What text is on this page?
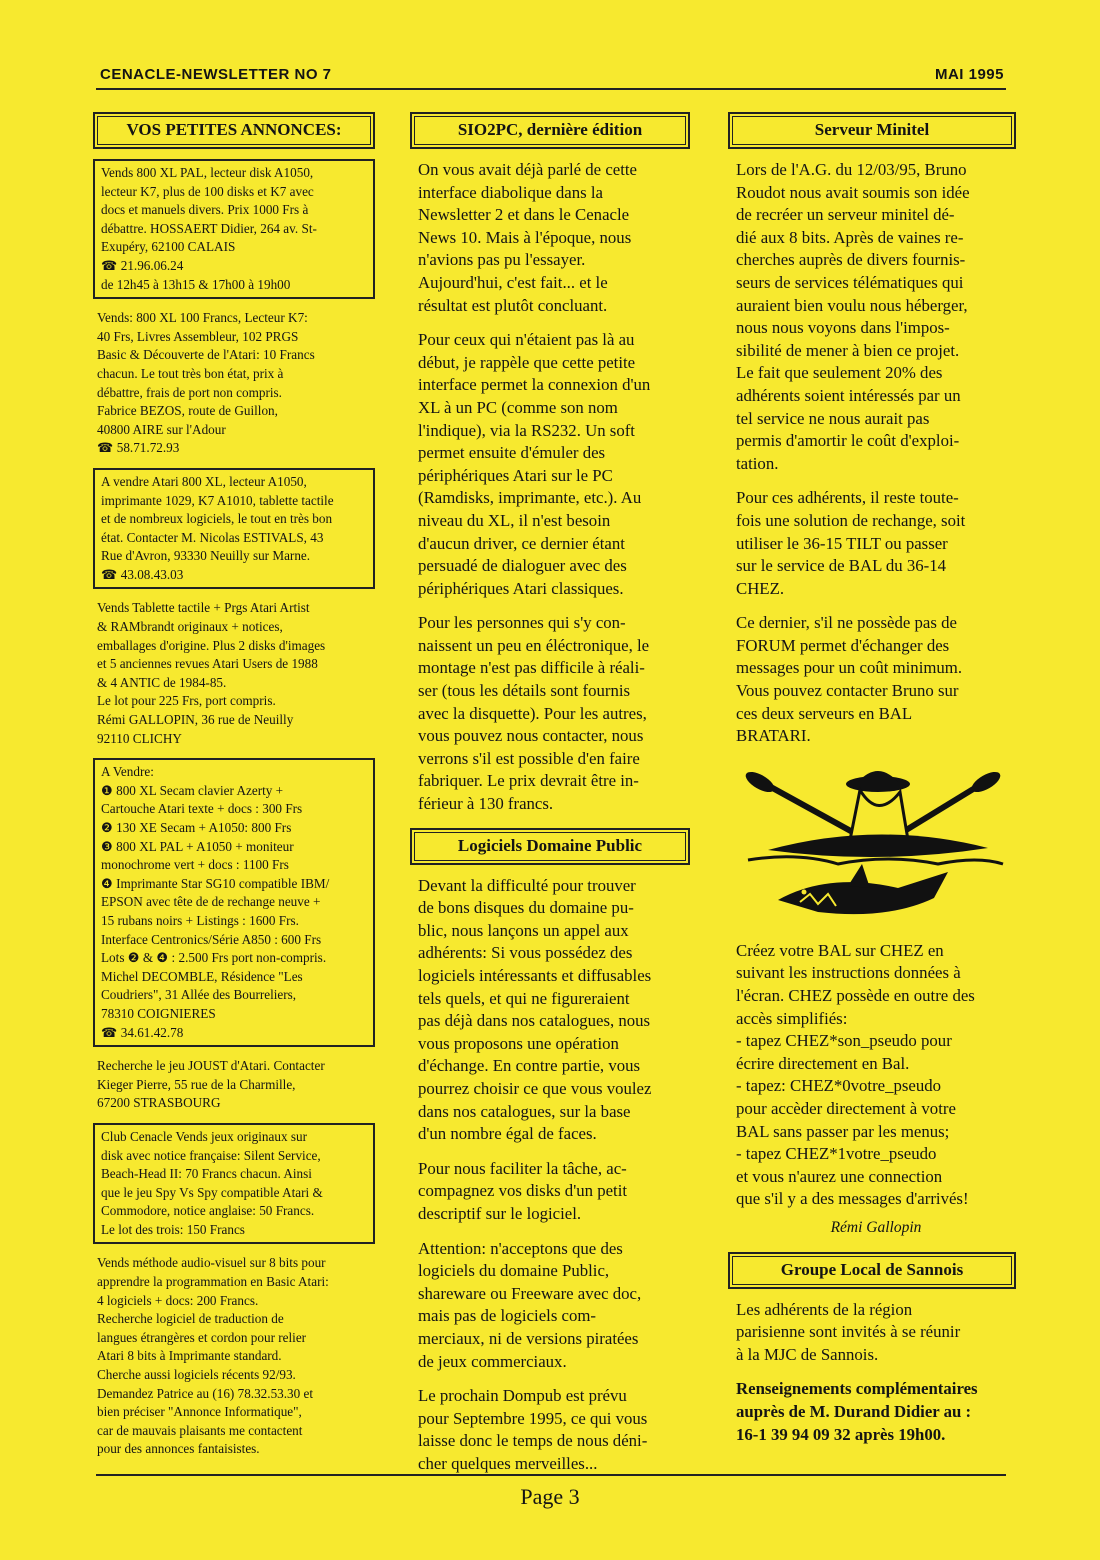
CENACLE-NEWSLETTER NO 7	MAI 1995
VOS PETITES ANNONCES:
Vends 800 XL PAL, lecteur disk A1050,
lecteur K7, plus de 100 disks et K7 avec
docs et manuels divers. Prix 1000 Frs à
débattre. HOSSAERT Didier, 264 av. St-
Exupéry, 62100 CALAIS
☎ 21.96.06.24
de 12h45 à 13h15 & 17h00 à 19h00
Vends: 800 XL 100 Francs, Lecteur K7:
40 Frs, Livres Assembleur, 102 PRGS
Basic & Découverte de l'Atari: 10 Francs
chacun. Le tout très bon état, prix à
débattre, frais de port non compris.
Fabrice BEZOS, route de Guillon,
40800 AIRE sur l'Adour
☎ 58.71.72.93
A vendre Atari 800 XL, lecteur A1050,
imprimante 1029, K7 A1010, tablette tactile
et de nombreux logiciels, le tout en très bon
état. Contacter M. Nicolas ESTIVALS, 43
Rue d'Avron, 93330 Neuilly sur Marne.
☎ 43.08.43.03
Vends Tablette tactile + Prgs Atari Artist
& RAMbrandt originaux + notices,
emballages d'origine. Plus 2 disks d'images
et 5 anciennes revues Atari Users de 1988
& 4 ANTIC de 1984-85.
Le lot pour 225 Frs, port compris.
Rémi GALLOPIN, 36 rue de Neuilly
92110 CLICHY
A Vendre:
❶ 800 XL Secam clavier Azerty +
Cartouche Atari texte + docs : 300 Frs
❷ 130 XE Secam + A1050: 800 Frs
❸ 800 XL PAL + A1050 + moniteur
monochrome vert + docs : 1100 Frs
❹ Imprimante Star SG10 compatible IBM/
EPSON avec tête de de rechange neuve +
15 rubans noirs + Listings : 1600 Frs.
Interface Centronics/Série A850 : 600 Frs
Lots ❷ & ❹ : 2.500 Frs port non-compris.
Michel DECOMBLE, Résidence "Les
Coudriers", 31 Allée des Bourreliers,
78310 COIGNIERES
☎ 34.61.42.78
Recherche le jeu JOUST d'Atari. Contacter
Kieger Pierre, 55 rue de la Charmille,
67200 STRASBOURG
Club Cenacle Vends jeux originaux sur
disk avec notice française: Silent Service,
Beach-Head II: 70 Francs chacun. Ainsi
que le jeu Spy Vs Spy compatible Atari &
Commodore, notice anglaise: 50 Francs.
Le lot des trois: 150 Francs
Vends méthode audio-visuel sur 8 bits pour
apprendre la programmation en Basic Atari:
4 logiciels + docs: 200 Francs.
Recherche logiciel de traduction de
langues étrangères et cordon pour relier
Atari 8 bits à Imprimante standard.
Cherche aussi logiciels récents 92/93.
Demandez Patrice au (16) 78.32.53.30 et
bien préciser "Annonce Informatique",
car de mauvais plaisants me contactent
pour des annonces fantaisistes.
SIO2PC, dernière édition

On vous avait déjà parlé de cette
interface diabolique dans la
Newsletter 2 et dans le Cenacle
News 10. Mais à l'époque, nous
n'avions pas pu l'essayer.
Aujourd'hui, c'est fait... et le
résultat est plutôt concluant.

Pour ceux qui n'étaient pas là au
début, je rappèle que cette petite
interface permet la connexion d'un
XL à un PC (comme son nom
l'indique), via la RS232. Un soft
permet ensuite d'émuler des
périphériques Atari sur le PC
(Ramdisks, imprimante, etc.). Au
niveau du XL, il n'est besoin
d'aucun driver, ce dernier étant
persuadé de dialoguer avec des
périphériques Atari classiques.

Pour les personnes qui s'y con-
naissent un peu en éléctronique, le
montage n'est pas difficile à réali-
ser (tous les détails sont fournis
avec la disquette). Pour les autres,
vous pouvez nous contacter, nous
verrons s'il est possible d'en faire
fabriquer. Le prix devrait être in-
férieur à 130 francs.

Logiciels Domaine Public

Devant la difficulté pour trouver
de bons disques du domaine pu-
blic, nous lançons un appel aux
adhérents: Si vous possédez des
logiciels intéressants et diffusables
tels quels, et qui ne figureraient
pas déjà dans nos catalogues, nous
vous proposons une opération
d'échange. En contre partie, vous
pourrez choisir ce que vous voulez
dans nos catalogues, sur la base
d'un nombre égal de faces.

Pour nous faciliter la tâche, ac-
compagnez vos disks d'un petit
descriptif sur le logiciel.

Attention: n'acceptons que des
logiciels du domaine Public,
shareware ou Freeware avec doc,
mais pas de logiciels com-
merciaux, ni de versions piratées
de jeux commerciaux.

Le prochain Dompub est prévu
pour Septembre 1995, ce qui vous
laisse donc le temps de nous déni-
cher quelques merveilles...

Serveur Minitel

Lors de l'A.G. du 12/03/95, Bruno
Roudot nous avait soumis son idée
de recréer un serveur minitel dé-
dié aux 8 bits. Après de vaines re-
cherches auprès de divers fournis-
seurs de services télématiques qui
auraient bien voulu nous héberger,
nous nous voyons dans l'impos-
sibilité de mener à bien ce projet.
Le fait que seulement 20% des
adhérents soient intéressés par un
tel service ne nous aurait pas
permis d'amortir le coût d'exploi-
tation.

Pour ces adhérents, il reste toute-
fois une solution de rechange, soit
utiliser le 36-15 TILT ou passer
sur le service de BAL du 36-14
CHEZ.

Ce dernier, s'il ne possède pas de
FORUM permet d'échanger des
messages pour un coût minimum.
Vous pouvez contacter Bruno sur
ces deux serveurs en BAL
BRATARI.

Créez votre BAL sur CHEZ en
suivant les instructions données à
l'écran. CHEZ possède en outre des
accès simplifiés:
- tapez CHEZ*son_pseudo pour
écrire directement en Bal.
- tapez: CHEZ*0votre_pseudo
pour accèder directement à votre
BAL sans passer par les menus;
- tapez CHEZ*1votre_pseudo
et vous n'aurez une connection
que s'il y a des messages d'arrivés!

Rémi Gallopin
Groupe Local de Sannois

Les adhérents de la région
parisienne sont invités à se réunir
à la MJC de Sannois.

Renseignements complémentaires
auprès de M. Durand Didier au :
16-1 39 94 09 32 après 19h00.

Page 3
